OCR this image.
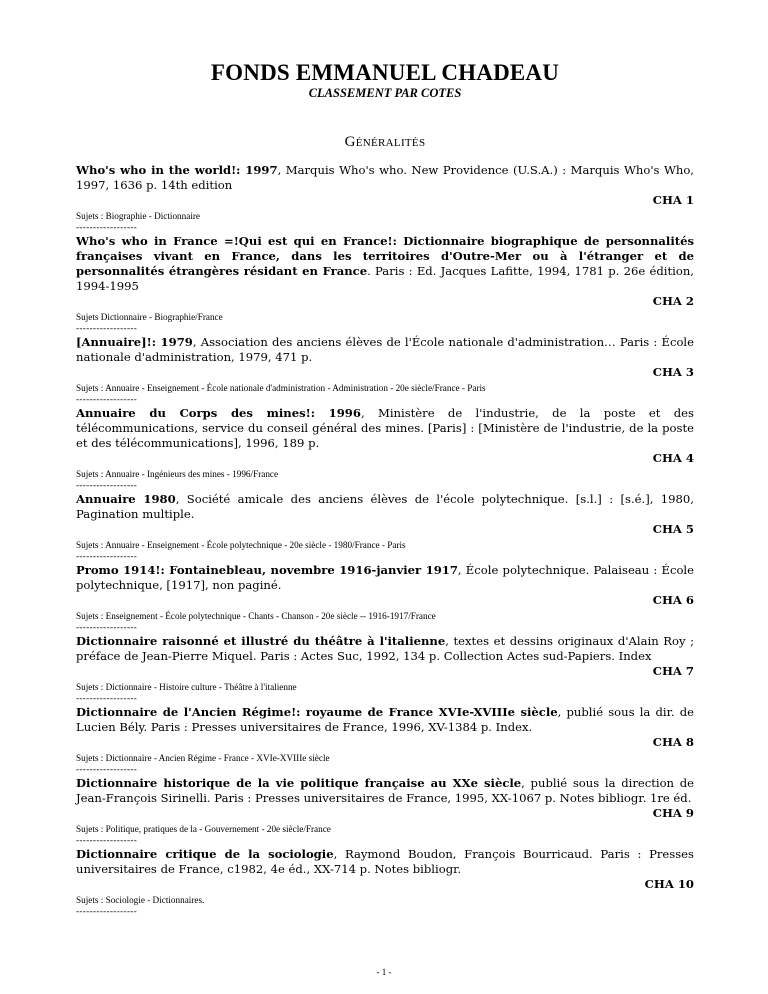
FONDS EMMANUEL CHADEAU

CLASSEMENT PAR COTES

GÉNÉRALITÉS

Who's who in the world!: 1997, Marquis Who's who. New Providence (U.S.A.) : Marquis Who's Who, 1997, 1636 p. 14th edition

CHA 1

Sujets : Biographie - Dictionnaire

------------------

Who's who in France =!Qui est qui en France!: Dictionnaire biographique de personnalités françaises vivant en France, dans les territoires d'Outre-Mer ou à l'étranger et de personnalités étrangères résidant en France. Paris : Ed. Jacques Lafitte, 1994, 1781 p. 26e édition, 1994-1995

CHA 2

Sujets Dictionnaire - Biographie/France

------------------

[Annuaire]!: 1979, Association des anciens élèves de l'École nationale d'administration… Paris : École nationale d'administration, 1979, 471 p.

CHA 3

Sujets : Annuaire - Enseignement - École nationale d'administration - Administration - 20e siècle/France - Paris

------------------

Annuaire du Corps des mines!: 1996, Ministère de l'industrie, de la poste et des télécommunications, service du conseil général des mines. [Paris] : [Ministère de l'industrie, de la poste et des télécommunications], 1996, 189 p.

CHA 4

Sujets : Annuaire - Ingénieurs des mines - 1996/France

------------------

Annuaire 1980, Société amicale des anciens élèves de l'école polytechnique. [s.l.] : [s.é.], 1980, Pagination multiple.

CHA 5

Sujets : Annuaire - Enseignement - École polytechnique - 20e siècle - 1980/France - Paris

------------------

Promo 1914!: Fontainebleau, novembre 1916-janvier 1917, École polytechnique. Palaiseau : École polytechnique, [1917], non paginé.

CHA 6

Sujets : Enseignement - École polytechnique - Chants - Chanson - 20e siècle -- 1916-1917/France

------------------

Dictionnaire raisonné et illustré du théâtre à l'italienne, textes et dessins originaux d'Alain Roy ; préface de Jean-Pierre Miquel. Paris : Actes Suc, 1992, 134 p. Collection Actes sud-Papiers. Index

CHA 7

Sujets : Dictionnaire - Histoire culture - Théâtre à l'italienne

------------------

Dictionnaire de l'Ancien Régime!: royaume de France XVIe-XVIIIe siècle, publié sous la dir. de Lucien Bély. Paris : Presses universitaires de France, 1996, XV-1384 p. Index.

CHA 8

Sujets : Dictionnaire - Ancien Régime - France - XVIe-XVIIIe siècle

------------------

Dictionnaire historique de la vie politique française au XXe siècle, publié sous la direction de Jean-François Sirinelli. Paris : Presses universitaires de France, 1995, XX-1067 p. Notes bibliogr. 1re éd.

CHA 9

Sujets : Politique, pratiques de la - Gouvernement - 20e siècle/France

------------------

Dictionnaire critique de la sociologie, Raymond Boudon, François Bourricaud. Paris : Presses universitaires de France, c1982, 4e éd., XX-714 p. Notes bibliogr.

CHA 10

Sujets : Sociologie - Dictionnaires.

------------------

- 1 -
